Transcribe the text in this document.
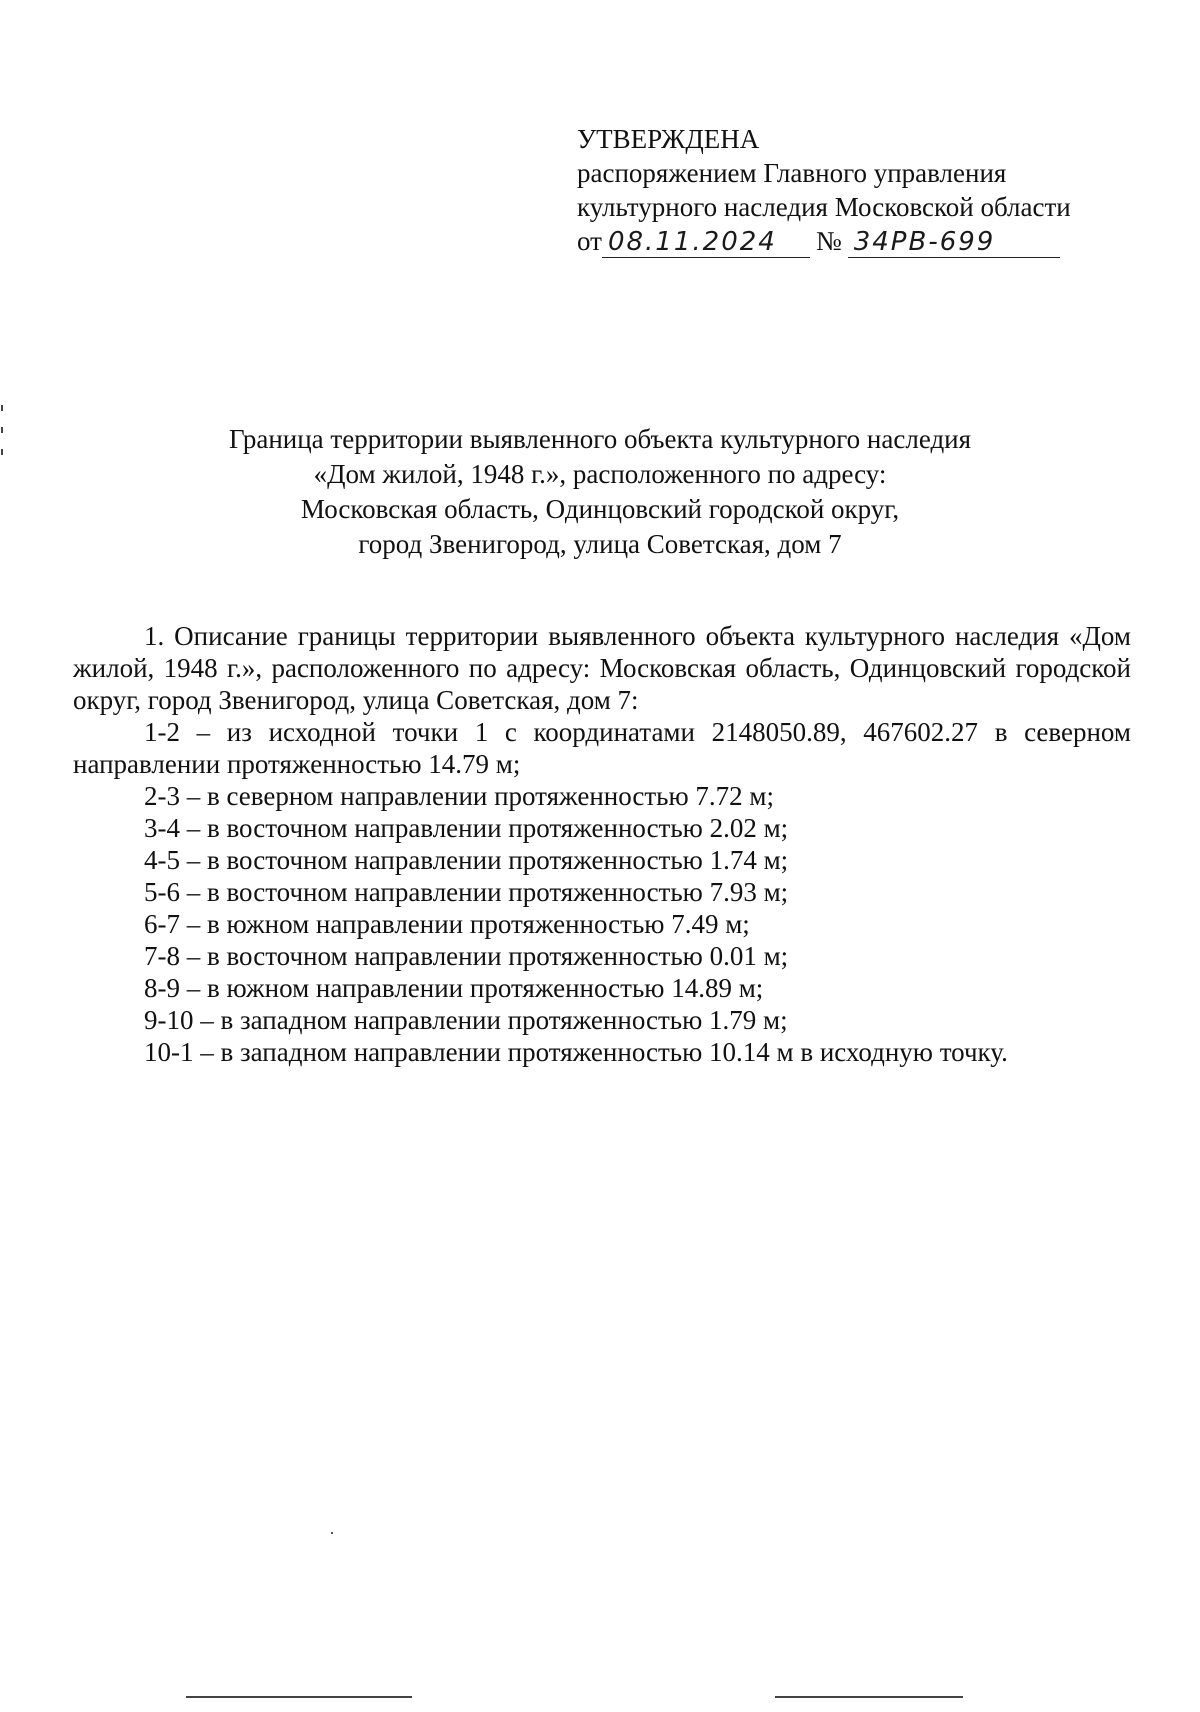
УТВЕРЖДЕНА
распоряжением Главного управления
культурного наследия Московской области
от 08.11.2024	№ 34РВ-699
Граница территории выявленного объекта культурного наследия
«Дом жилой, 1948 г.», расположенного по адресу:
Московская область, Одинцовский городской округ,
город Звенигород, улица Советская, дом 7

1. Описание границы территории выявленного объекта культурного наследия «Дом жилой, 1948 г.», расположенного по адресу: Московская область, Одинцовский городской округ, город Звенигород, улица Советская, дом 7:

1-2 – из исходной точки 1 с координатами 2148050.89, 467602.27 в северном направлении протяженностью 14.79 м;

2-3 – в северном направлении протяженностью 7.72 м;

3-4 – в восточном направлении протяженностью 2.02 м;

4-5 – в восточном направлении протяженностью 1.74 м;

5-6 – в восточном направлении протяженностью 7.93 м;

6-7 – в южном направлении протяженностью 7.49 м;

7-8 – в восточном направлении протяженностью 0.01 м;

8-9 – в южном направлении протяженностью 14.89 м;

9-10 – в западном направлении протяженностью 1.79 м;

10-1 – в западном направлении протяженностью 10.14 м в исходную точку.
